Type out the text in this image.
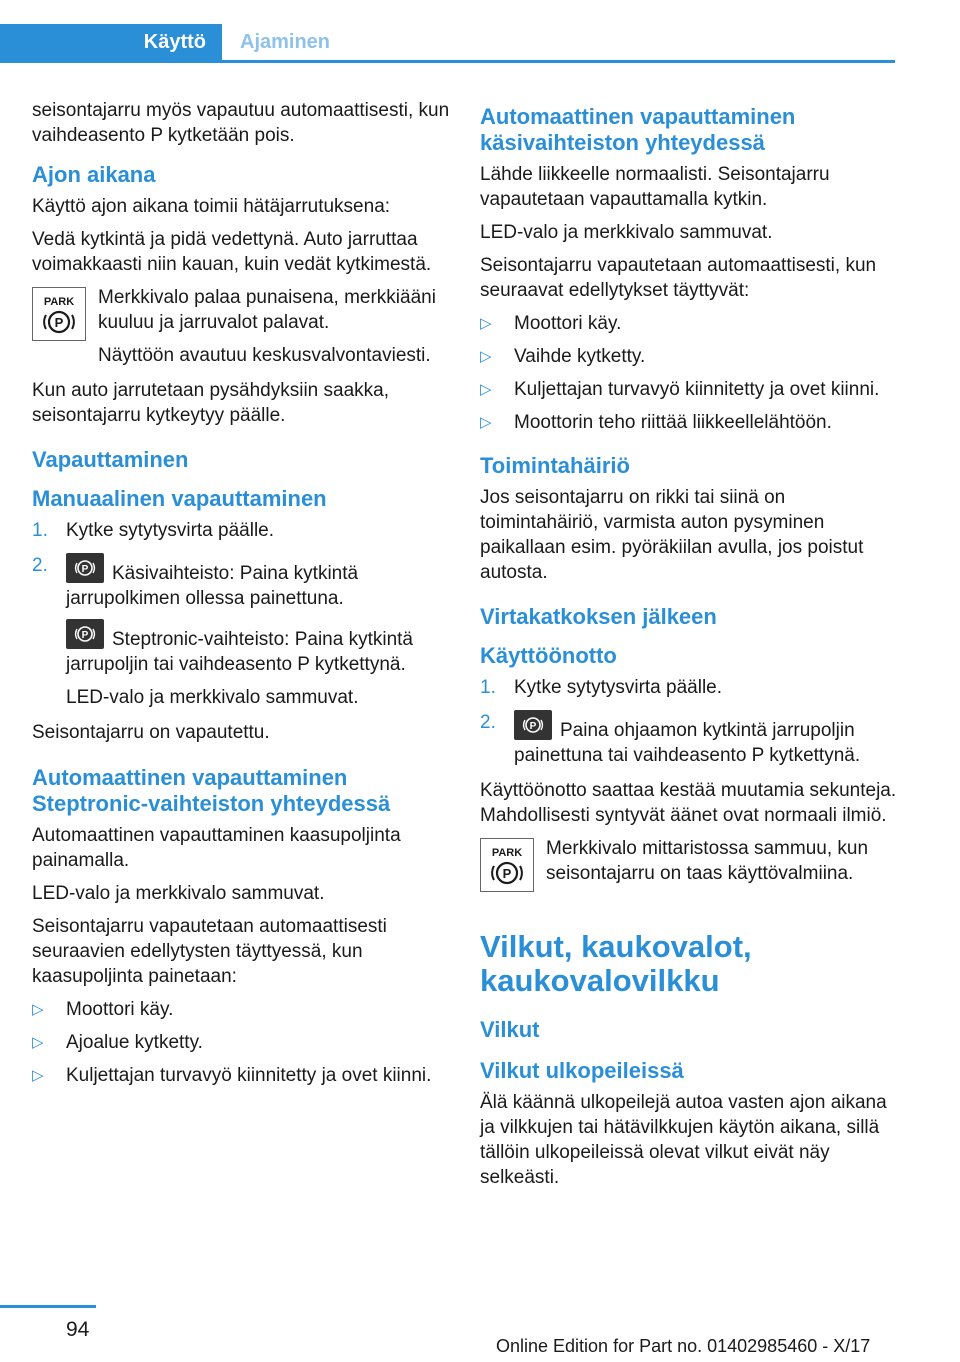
Käyttö Ajaminen

seisontajarru myös vapautuu automaattisesti, kun vaihdeasento P kytketään pois.

Ajon aikana

Käyttö ajon aikana toimii hätäjarrutuksena:

Vedä kytkintä ja pidä vedettynä. Auto jarruttaa voimakkaasti niin kauan, kuin vedät kytkimestä.

PARK
P

Merkkivalo palaa punaisena, merkkiääni kuuluu ja jarruvalot palavat.

Näyttöön avautuu keskusvalvontaviesti.

Kun auto jarrutetaan pysähdyksiin saakka, seisontajarru kytkeytyy päälle.

Vapauttaminen
Manuaalinen vapauttaminen
1. Kytke sytytysvirta päälle.
2.	P Käsivaihteisto: Paina kytkintä jarrupolkimen ollessa painettuna.
P Steptronic-vaihteisto: Paina kytkintä jarrupoljin tai vaihdeasento P kytkettynä.
LED-valo ja merkkivalo sammuvat.

Seisontajarru on vapautettu.

Automaattinen vapauttaminen Steptronic-vaihteiston yhteydessä

Automaattinen vapauttaminen kaasupoljinta painamalla.

LED-valo ja merkkivalo sammuvat.

Seisontajarru vapautetaan automaattisesti seuraavien edellytysten täyttyessä, kun kaasupoljinta painetaan:

▷ Moottori käy.
▷ Ajoalue kytketty.
▷ Kuljettajan turvavyö kiinnitetty ja ovet kiinni.
Automaattinen vapauttaminen käsivaihteiston yhteydessä

Lähde liikkeelle normaalisti. Seisontajarru vapautetaan vapauttamalla kytkin.

LED-valo ja merkkivalo sammuvat.

Seisontajarru vapautetaan automaattisesti, kun seuraavat edellytykset täyttyvät:

▷ Moottori käy.
▷ Vaihde kytketty.
▷ Kuljettajan turvavyö kiinnitetty ja ovet kiinni.
▷ Moottorin teho riittää liikkeellelähtöön.
Toimintahäiriö

Jos seisontajarru on rikki tai siinä on toimintahäiriö, varmista auton pysyminen paikallaan esim. pyöräkiilan avulla, jos poistut autosta.

Virtakatkoksen jälkeen
Käyttöönotto
1. Kytke sytytysvirta päälle.
2.	P Paina ohjaamon kytkintä jarrupoljin painettuna tai vaihdeasento P kytkettynä.

Käyttöönotto saattaa kestää muutamia sekunteja. Mahdollisesti syntyvät äänet ovat normaali ilmiö.

PARK
P

Merkkivalo mittaristossa sammuu, kun seisontajarru on taas käyttövalmiina.

Vilkut, kaukovalot, kaukovalovilkku
Vilkut
Vilkut ulkopeileissä

Älä käännä ulkopeilejä autoa vasten ajon aikana ja vilkkujen tai hätävilkkujen käytön aikana, sillä tällöin ulkopeileissä olevat vilkut eivät näy selkeästi.

94
Online Edition for Part no. 01402985460 - X/17
